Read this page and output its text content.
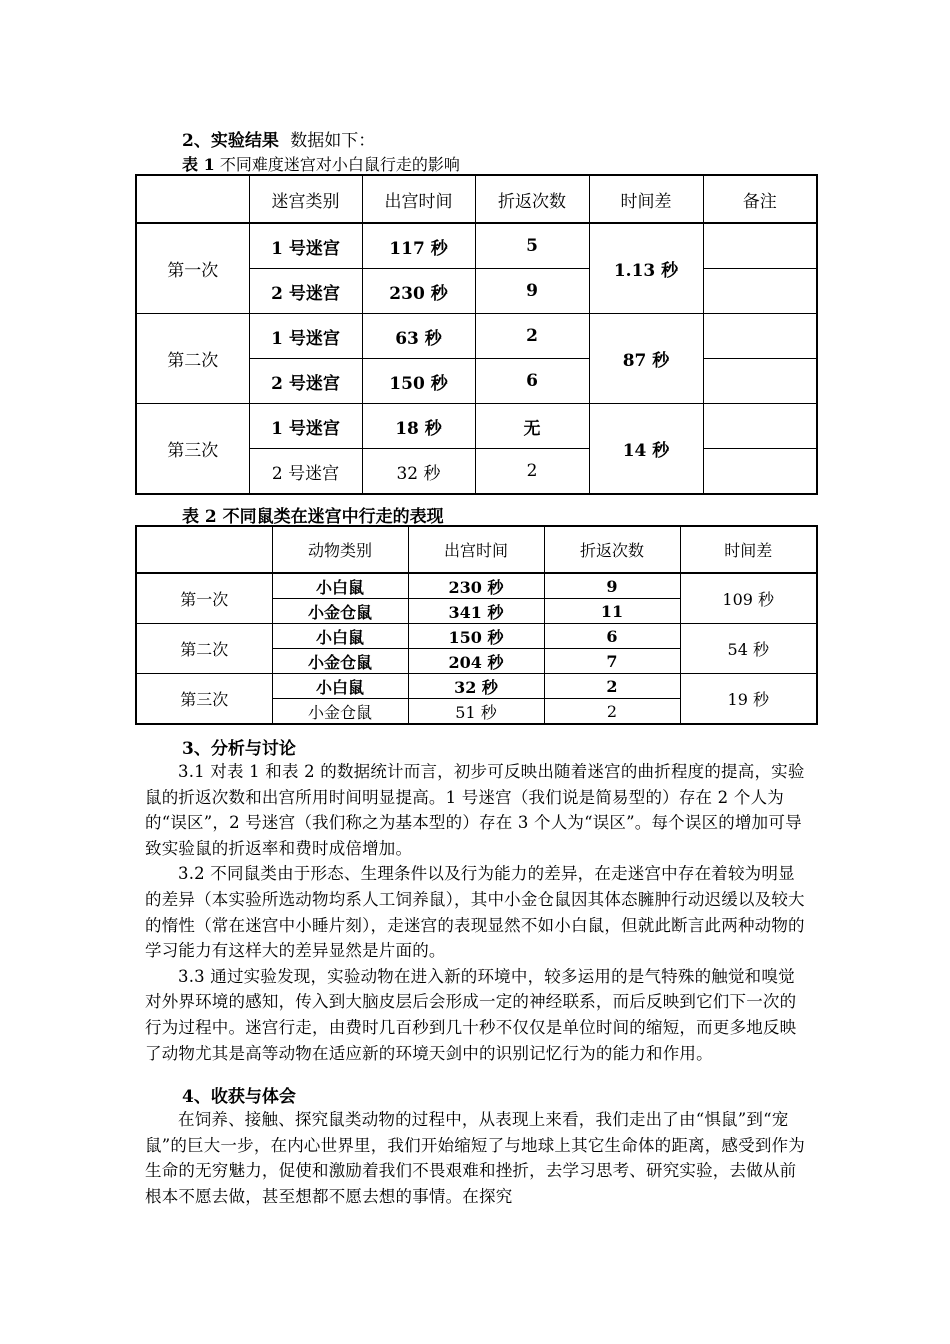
2、实验结果 数据如下：
表 1 不同难度迷宫对小白鼠行走的影响
	迷宫类别	出宫时间	折返次数	时间差	备注
第一次	1 号迷宫	117 秒	5	1.13 秒	
	2 号迷宫	230 秒	9		
第二次	1 号迷宫	63 秒	2	87 秒	
	2 号迷宫	150 秒	6		
第三次	1 号迷宫	18 秒	无	14 秒	
	2 号迷宫	32 秒	2		
表 2 不同鼠类在迷宫中行走的表现
	动物类别	出宫时间	折返次数	时间差
第一次	小白鼠	230 秒	9	109 秒
	小金仓鼠	341 秒	11	
第二次	小白鼠	150 秒	6	54 秒
	小金仓鼠	204 秒	7	
第三次	小白鼠	32 秒	2	19 秒
	小金仓鼠	51 秒	2	
3、分析与讨论

3.1 对表 1 和表 2 的数据统计而言，初步可反映出随着迷宫的曲折程度的提高，实验鼠的折返次数和出宫所用时间明显提高。1 号迷宫（我们说是简易型的）存在 2 个人为的“误区”，2 号迷宫（我们称之为基本型的）存在 3 个人为“误区”。每个误区的增加可导致实验鼠的折返率和费时成倍增加。

3.2 不同鼠类由于形态、生理条件以及行为能力的差异，在走迷宫中存在着较为明显的差异（本实验所选动物均系人工饲养鼠），其中小金仓鼠因其体态臃肿行动迟缓以及较大的惰性（常在迷宫中小睡片刻），走迷宫的表现显然不如小白鼠，但就此断言此两种动物的学习能力有这样大的差异显然是片面的。

3.3 通过实验发现，实验动物在进入新的环境中，较多运用的是气特殊的触觉和嗅觉对外界环境的感知，传入到大脑皮层后会形成一定的神经联系，而后反映到它们下一次的行为过程中。迷宫行走，由费时几百秒到几十秒不仅仅是单位时间的缩短，而更多地反映了动物尤其是高等动物在适应新的环境天剑中的识别记忆行为的能力和作用。

4、收获与体会

在饲养、接触、探究鼠类动物的过程中，从表现上来看，我们走出了由“惧鼠”到“宠鼠”的巨大一步，在内心世界里，我们开始缩短了与地球上其它生命体的距离，感受到作为生命的无穷魅力，促使和激励着我们不畏艰难和挫折，去学习思考、研究实验，去做从前根本不愿去做，甚至想都不愿去想的事情。在探究
